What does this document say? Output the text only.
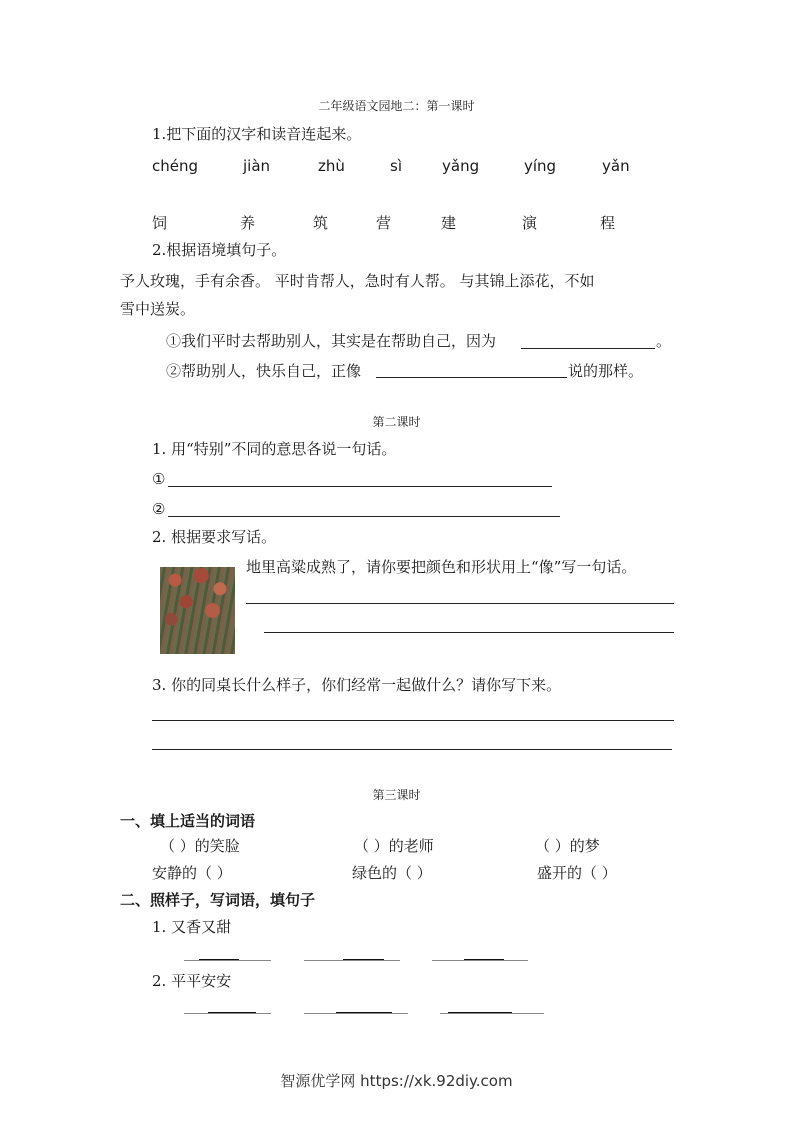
二年级语文园地二：第一课时
1.把下面的汉字和读音连起来。
chéng	jiàn	zhù	sì	yǎng	yíng	yǎn
饲	养	筑	营	建	演	程
2.根据语境填句子。
予人玫瑰，手有余香。 平时肯帮人，急时有人帮。 与其锦上添花，不如
雪中送炭。
①我们平时去帮助别人，其实是在帮助自己，因为	。
②帮助别人，快乐自己，正像	说的那样。
第二课时
1. 用“特别”不同的意思各说一句话。
①
②
2. 根据要求写话。
地里高粱成熟了，请你要把颜色和形状用上“像”写一句话。
3. 你的同桌长什么样子，你们经常一起做什么？请你写下来。
第三课时
一、填上适当的词语
（ ）的笑脸	（ ）的老师	（ ）的梦
安静的（ ）	绿色的（ ）	盛开的（ ）
二、照样子，写词语，填句子
1. 又香又甜
2. 平平安安
智源优学网 https://xk.92diy.com
